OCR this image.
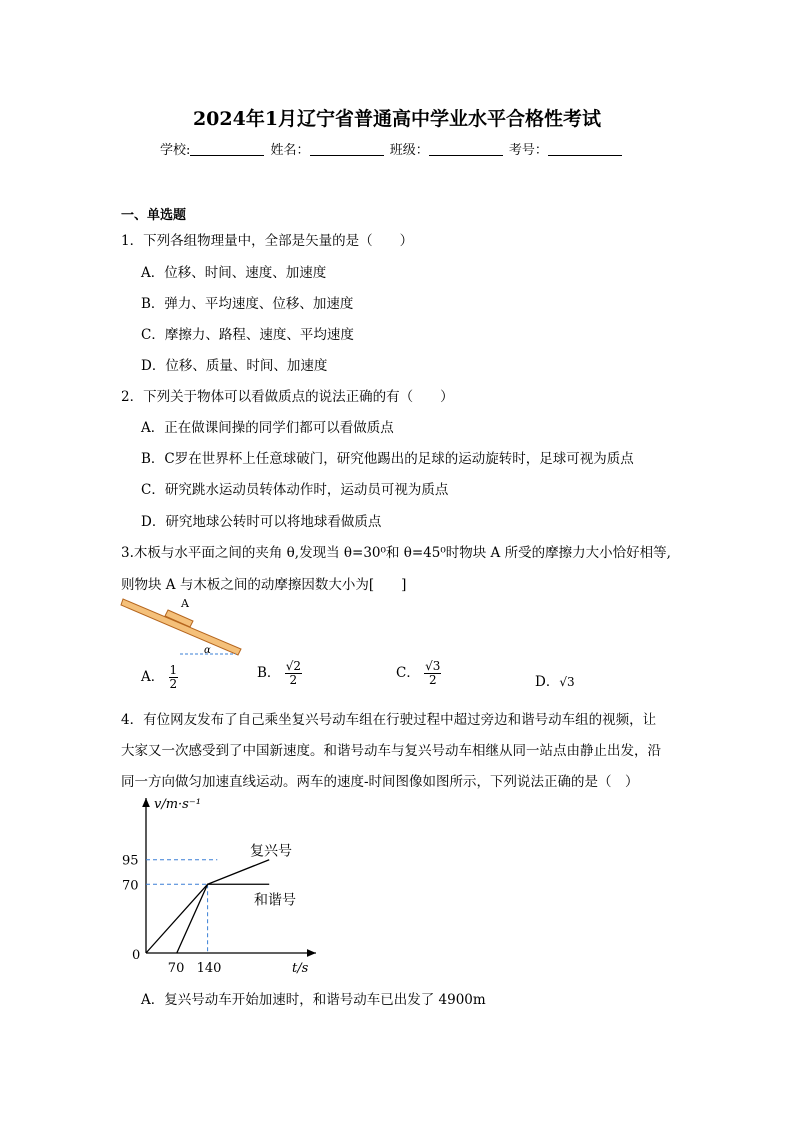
2024年1月辽宁省普通高中学业水平合格性考试
学校:	姓名：	班级：	考号：
一、单选题
1．下列各组物理量中，全部是矢量的是（　　）
A．位移、时间、速度、加速度
B．弹力、平均速度、位移、加速度
C．摩擦力、路程、速度、平均速度
D．位移、质量、时间、加速度
2．下列关于物体可以看做质点的说法正确的有（　　）
A．正在做课间操的同学们都可以看做质点
B．C罗在世界杯上任意球破门，研究他踢出的足球的运动旋转时，足球可视为质点
C．研究跳水运动员转体动作时，运动员可视为质点
D．研究地球公转时可以将地球看做质点
3.木板与水平面之间的夹角 θ,发现当 θ=30⁰和 θ=45⁰时物块 A 所受的摩擦力大小恰好相等,
则物块 A 与木板之间的动摩擦因数大小为[　　]
A
α
A． $\frac{1}{2}$	B． $\frac{√2}{2}$	C． $\frac{√3}{2}$	D．√3
4．有位网友发布了自己乘坐复兴号动车组在行驶过程中超过旁边和谐号动车组的视频，让
大家又一次感受到了中国新速度。和谐号动车与复兴号动车相继从同一站点由静止出发，沿
同一方向做匀加速直线运动。两车的速度-时间图像如图所示，下列说法正确的是（　）
复兴号
和谐号
v/m·s⁻¹
t/s
0
70 140
70
95
A．复兴号动车开始加速时，和谐号动车已出发了 4900m
